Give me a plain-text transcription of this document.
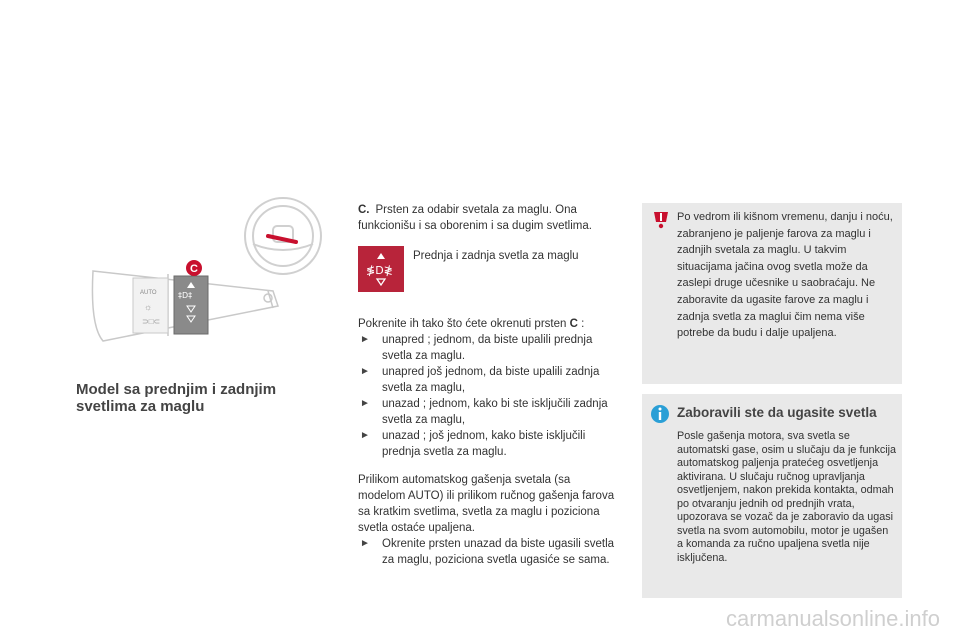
‡D‡
AUTO
☼
⊃□⊂
C
Model sa prednjim i zadnjim svetlima za maglu

C. Prsten za odabir svetala za maglu. Ona funkcionišu i sa oborenim i sa dugim svetlima.

≸D≹
Prednja i zadnja svetla za maglu

Pokrenite ih tako što ćete okrenuti prsten C :

► unapred ; jednom, da biste upalili prednja svetla za maglu.
► unapred još jednom, da biste upalili zadnja svetla za maglu,
► unazad ; jednom, kako bi ste isključili zadnja svetla za maglu,
► unazad ; još jednom, kako biste isključili prednja svetla za maglu.

Prilikom automatskog gašenja svetala (sa modelom AUTO) ili prilikom ručnog gašenja farova sa kratkim svetlima, svetla za maglu i poziciona svetla ostaće upaljena.

► Okrenite prsten unazad da biste ugasili svetla za maglu, poziciona svetla ugasiće se sama.
Po vedrom ili kišnom vremenu, danju i noću, zabranjeno je paljenje farova za maglu i zadnjih svetala za maglu. U takvim situacijama jačina ovog svetla može da zaslepi druge učesnike u saobraćaju. Ne zaboravite da ugasite farove za maglu i zadnja svetla za maglui čim nema više potrebe da budu i dalje upaljena.
Zaboravili ste da ugasite svetla
Posle gašenja motora, sva svetla se automatski gase, osim u slučaju da je funkcija automatskog paljenja pratećeg osvetljenja aktivirana. U slučaju ručnog upravljanja osvetljenjem, nakon prekida kontakta, odmah po otvaranju jednih od prednjih vrata, upozorava se vozač da je zaboravio da ugasi svetla na svom automobilu, motor je ugašen a komanda za ručno upaljena svetla nije isključena.
carmanualsonline.info
